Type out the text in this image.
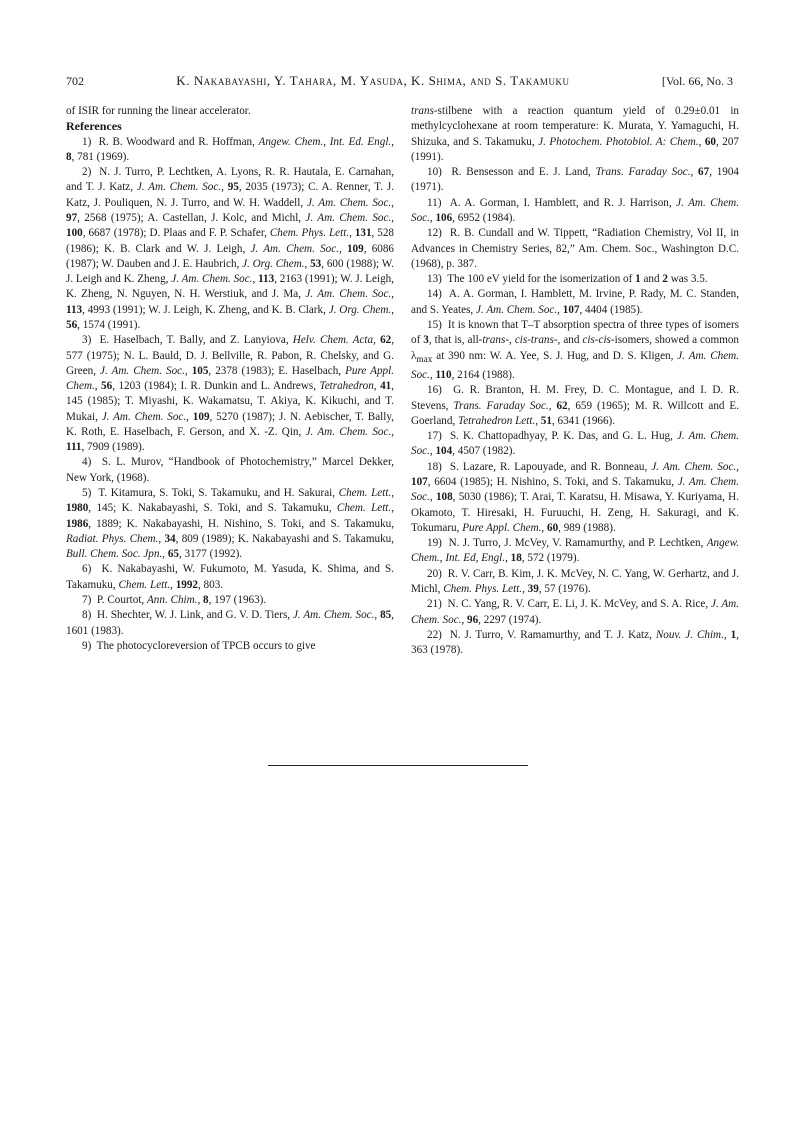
702	K. Nakabayashi, Y. Tahara, M. Yasuda, K. Shima, and S. Takamuku	[Vol. 66, No. 3

of ISIR for running the linear accelerator.

References

1)  R. B. Woodward and R. Hoffman, Angew. Chem., Int. Ed. Engl., 8, 781 (1969).

2)  N. J. Turro, P. Lechtken, A. Lyons, R. R. Hautala, E. Carnahan, and T. J. Katz, J. Am. Chem. Soc., 95, 2035 (1973); C. A. Renner, T. J. Katz, J. Pouliquen, N. J. Turro, and W. H. Waddell, J. Am. Chem. Soc., 97, 2568 (1975); A. Castellan, J. Kolc, and Michl, J. Am. Chem. Soc., 100, 6687 (1978); D. Plaas and F. P. Schafer, Chem. Phys. Lett., 131, 528 (1986); K. B. Clark and W. J. Leigh, J. Am. Chem. Soc., 109, 6086 (1987); W. Dauben and J. E. Haubrich, J. Org. Chem., 53, 600 (1988); W. J. Leigh and K. Zheng, J. Am. Chem. Soc., 113, 2163 (1991); W. J. Leigh, K. Zheng, N. Nguyen, N. H. Werstiuk, and J. Ma, J. Am. Chem. Soc., 113, 4993 (1991); W. J. Leigh, K. Zheng, and K. B. Clark, J. Org. Chem., 56, 1574 (1991).

3)  E. Haselbach, T. Bally, and Z. Lanyiova, Helv. Chem. Acta, 62, 577 (1975); N. L. Bauld, D. J. Bellville, R. Pabon, R. Chelsky, and G. Green, J. Am. Chem. Soc., 105, 2378 (1983); E. Haselbach, Pure Appl. Chem., 56, 1203 (1984); I. R. Dunkin and L. Andrews, Tetrahedron, 41, 145 (1985); T. Miyashi, K. Wakamatsu, T. Akiya, K. Kikuchi, and T. Mukai, J. Am. Chem. Soc., 109, 5270 (1987); J. N. Aebischer, T. Bally, K. Roth, E. Haselbach, F. Gerson, and X. -Z. Qin, J. Am. Chem. Soc., 111, 7909 (1989).

4)  S. L. Murov, “Handbook of Photochemistry,” Marcel Dekker, New York, (1968).

5)  T. Kitamura, S. Toki, S. Takamuku, and H. Sakurai, Chem. Lett., 1980, 145; K. Nakabayashi, S. Toki, and S. Takamuku, Chem. Lett., 1986, 1889; K. Nakabayashi, H. Nishino, S. Toki, and S. Takamuku, Radiat. Phys. Chem., 34, 809 (1989); K. Nakabayashi and S. Takamuku, Bull. Chem. Soc. Jpn., 65, 3177 (1992).

6)  K. Nakabayashi, W. Fukumoto, M. Yasuda, K. Shima, and S. Takamuku, Chem. Lett., 1992, 803.

7)  P. Courtot, Ann. Chim., 8, 197 (1963).

8)  H. Shechter, W. J. Link, and G. V. D. Tiers, J. Am. Chem. Soc., 85, 1601 (1983).

9)  The photocycloreversion of TPCB occurs to give

trans-stilbene with a reaction quantum yield of 0.29±0.01 in methylcyclohexane at room temperature: K. Murata, Y. Yamaguchi, H. Shizuka, and S. Takamuku, J. Photochem. Photobiol. A: Chem., 60, 207 (1991).

10)  R. Bensesson and E. J. Land, Trans. Faraday Soc., 67, 1904 (1971).

11)  A. A. Gorman, I. Hamblett, and R. J. Harrison, J. Am. Chem. Soc., 106, 6952 (1984).

12)  R. B. Cundall and W. Tippett, “Radiation Chemistry, Vol II, in Advances in Chemistry Series, 82,” Am. Chem. Soc., Washington D.C. (1968), p. 387.

13)  The 100 eV yield for the isomerization of 1 and 2 was 3.5.

14)  A. A. Gorman, I. Hamblett, M. Irvine, P. Rady, M. C. Standen, and S. Yeates, J. Am. Chem. Soc., 107, 4404 (1985).

15)  It is known that T–T absorption spectra of three types of isomers of 3, that is, all-trans-, cis-trans-, and cis-cis-isomers, showed a common $\lambda_{max}$ at 390 nm: W. A. Yee, S. J. Hug, and D. S. Kligen, J. Am. Chem. Soc., 110, 2164 (1988).

16)  G. R. Branton, H. M. Frey, D. C. Montague, and I. D. R. Stevens, Trans. Faraday Soc., 62, 659 (1965); M. R. Willcott and E. Goerland, Tetrahedron Lett., 51, 6341 (1966).

17)  S. K. Chattopadhyay, P. K. Das, and G. L. Hug, J. Am. Chem. Soc., 104, 4507 (1982).

18)  S. Lazare, R. Lapouyade, and R. Bonneau, J. Am. Chem. Soc., 107, 6604 (1985); H. Nishino, S. Toki, and S. Takamuku, J. Am. Chem. Soc., 108, 5030 (1986); T. Arai, T. Karatsu, H. Misawa, Y. Kuriyama, H. Okamoto, T. Hiresaki, H. Furuuchi, H. Zeng, H. Sakuragi, and K. Tokumaru, Pure Appl. Chem., 60, 989 (1988).

19)  N. J. Turro, J. McVey, V. Ramamurthy, and P. Lechtken, Angew. Chem., Int. Ed, Engl., 18, 572 (1979).

20)  R. V. Carr, B. Kim, J. K. McVey, N. C. Yang, W. Gerhartz, and J. Michl, Chem. Phys. Lett., 39, 57 (1976).

21)  N. C. Yang, R. V. Carr, E. Li, J. K. McVey, and S. A. Rice, J. Am. Chem. Soc., 96, 2297 (1974).

22)  N. J. Turro, V. Ramamurthy, and T. J. Katz, Nouv. J. Chim., 1, 363 (1978).
